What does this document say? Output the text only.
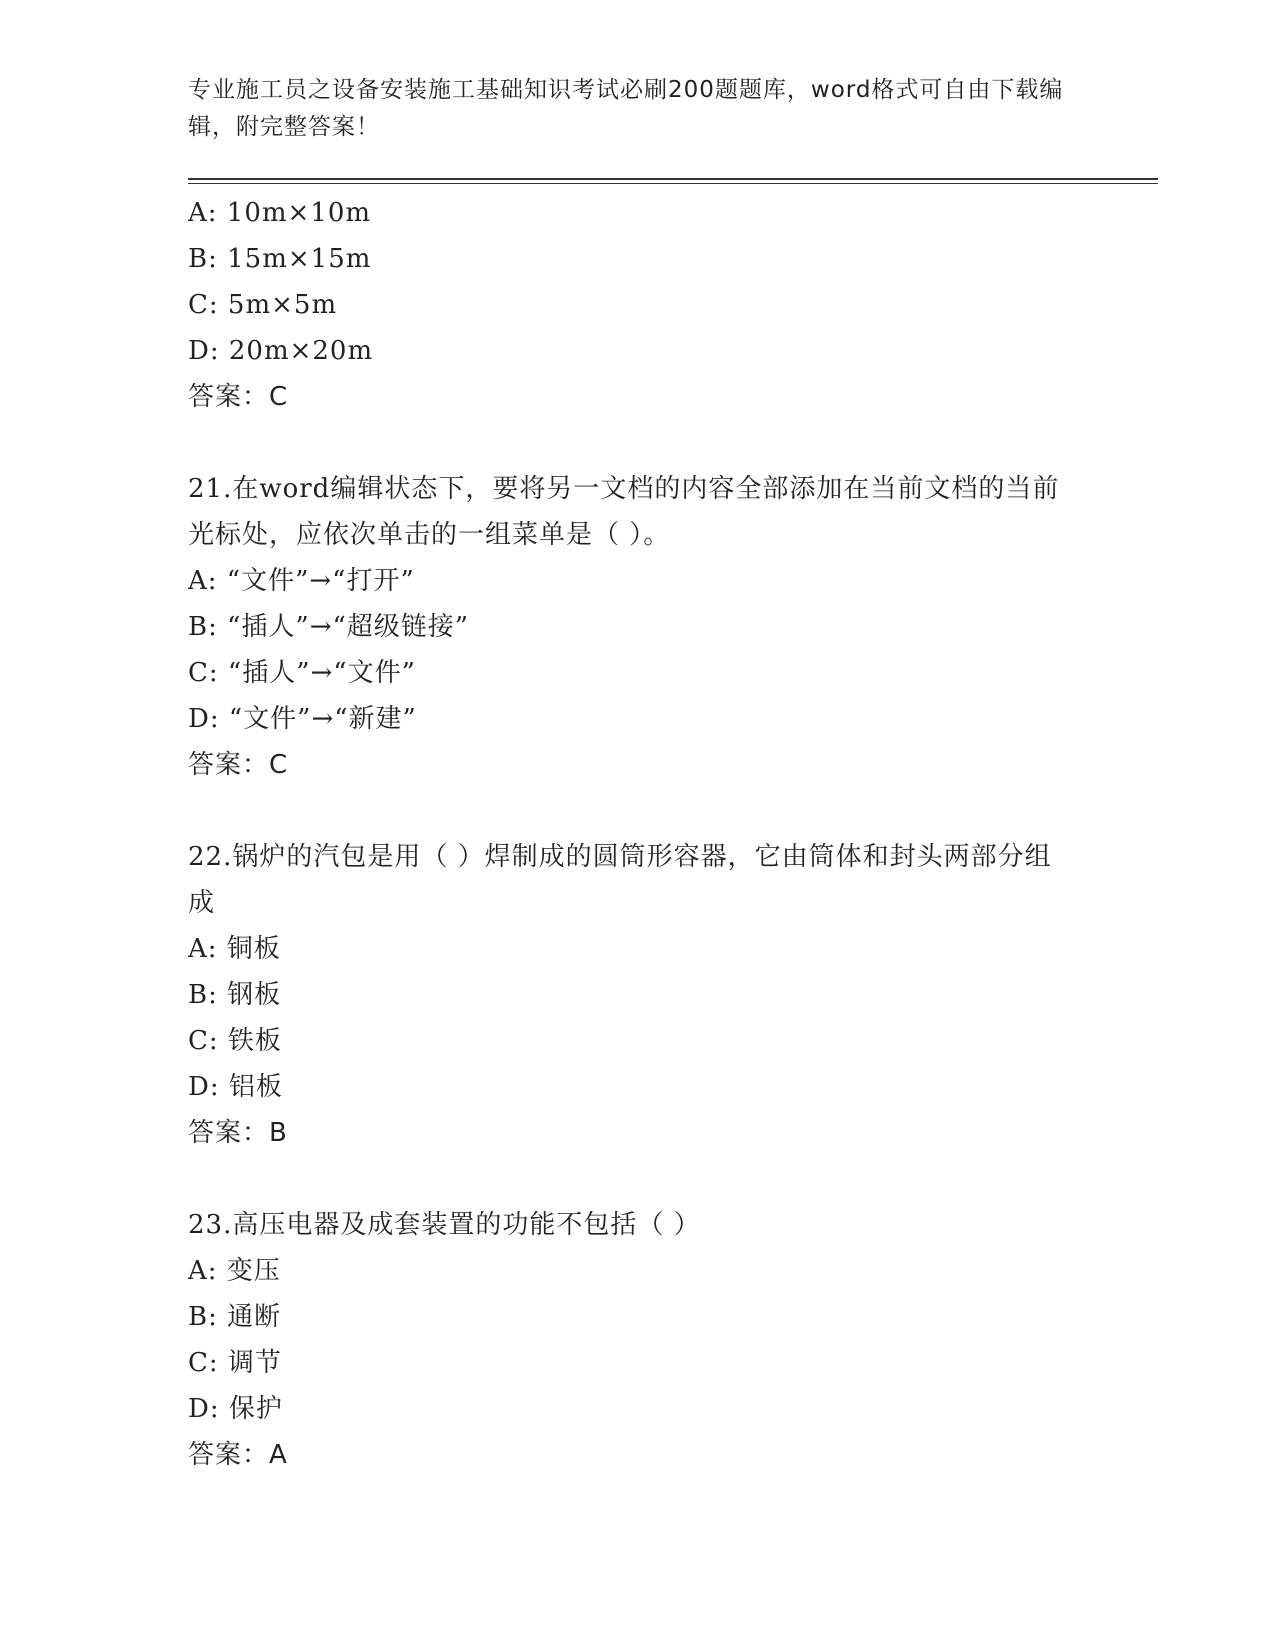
专业施工员之设备安装施工基础知识考试必刷200题题库，word格式可自由下载编辑，附完整答案！
A: 10m×10m
B: 15m×15m
C: 5m×5m
D: 20m×20m
答案：C
21.在word编辑状态下，要将另一文档的内容全部添加在当前文档的当前光标处，应依次单击的一组菜单是（ ）。
A: “文件”→“打开”
B: “插人”→“超级链接”
C: “插人”→“文件”
D: “文件”→“新建”
答案：C
22.锅炉的汽包是用（ ）焊制成的圆筒形容器，它由筒体和封头两部分组成
A: 铜板
B: 钢板
C: 铁板
D: 铝板
答案：B
23.高压电器及成套装置的功能不包括（ ）
A: 变压
B: 通断
C: 调节
D: 保护
答案：A
